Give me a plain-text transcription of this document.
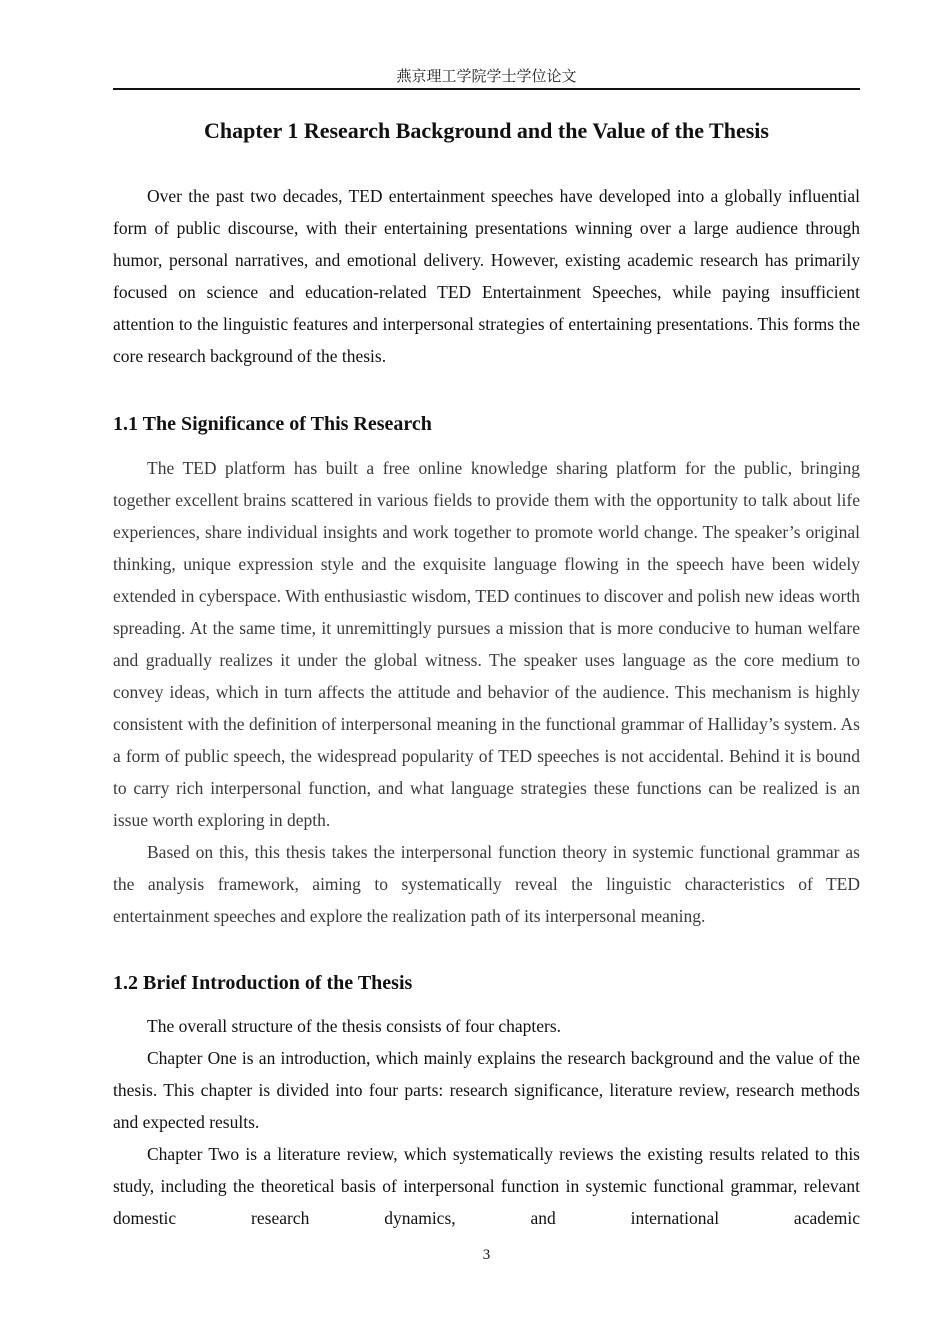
燕京理工学院学士学位论文
Chapter 1 Research Background and the Value of the Thesis

Over the past two decades, TED entertainment speeches have developed into a globally influential form of public discourse, with their entertaining presentations winning over a large audience through humor, personal narratives, and emotional delivery. However, existing academic research has primarily focused on science and education-related TED Entertainment Speeches, while paying insufficient attention to the linguistic features and interpersonal strategies of entertaining presentations. This forms the core research background of the thesis.

1.1 The Significance of This Research

The TED platform has built a free online knowledge sharing platform for the public, bringing together excellent brains scattered in various fields to provide them with the opportunity to talk about life experiences, share individual insights and work together to promote world change. The speaker’s original thinking, unique expression style and the exquisite language flowing in the speech have been widely extended in cyberspace. With enthusiastic wisdom, TED continues to discover and polish new ideas worth spreading. At the same time, it unremittingly pursues a mission that is more conducive to human welfare and gradually realizes it under the global witness. The speaker uses language as the core medium to convey ideas, which in turn affects the attitude and behavior of the audience. This mechanism is highly consistent with the definition of interpersonal meaning in the functional grammar of Halliday’s system. As a form of public speech, the widespread popularity of TED speeches is not accidental. Behind it is bound to carry rich interpersonal function, and what language strategies these functions can be realized is an issue worth exploring in depth.

Based on this, this thesis takes the interpersonal function theory in systemic functional grammar as the analysis framework, aiming to systematically reveal the linguistic characteristics of TED entertainment speeches and explore the realization path of its interpersonal meaning.

1.2 Brief Introduction of the Thesis

The overall structure of the thesis consists of four chapters.

Chapter One is an introduction, which mainly explains the research background and the value of the thesis. This chapter is divided into four parts: research significance, literature review, research methods and expected results.

Chapter Two is a literature review, which systematically reviews the existing results related to this study, including the theoretical basis of interpersonal function in systemic functional grammar, relevant domestic research dynamics, and international academic

3
